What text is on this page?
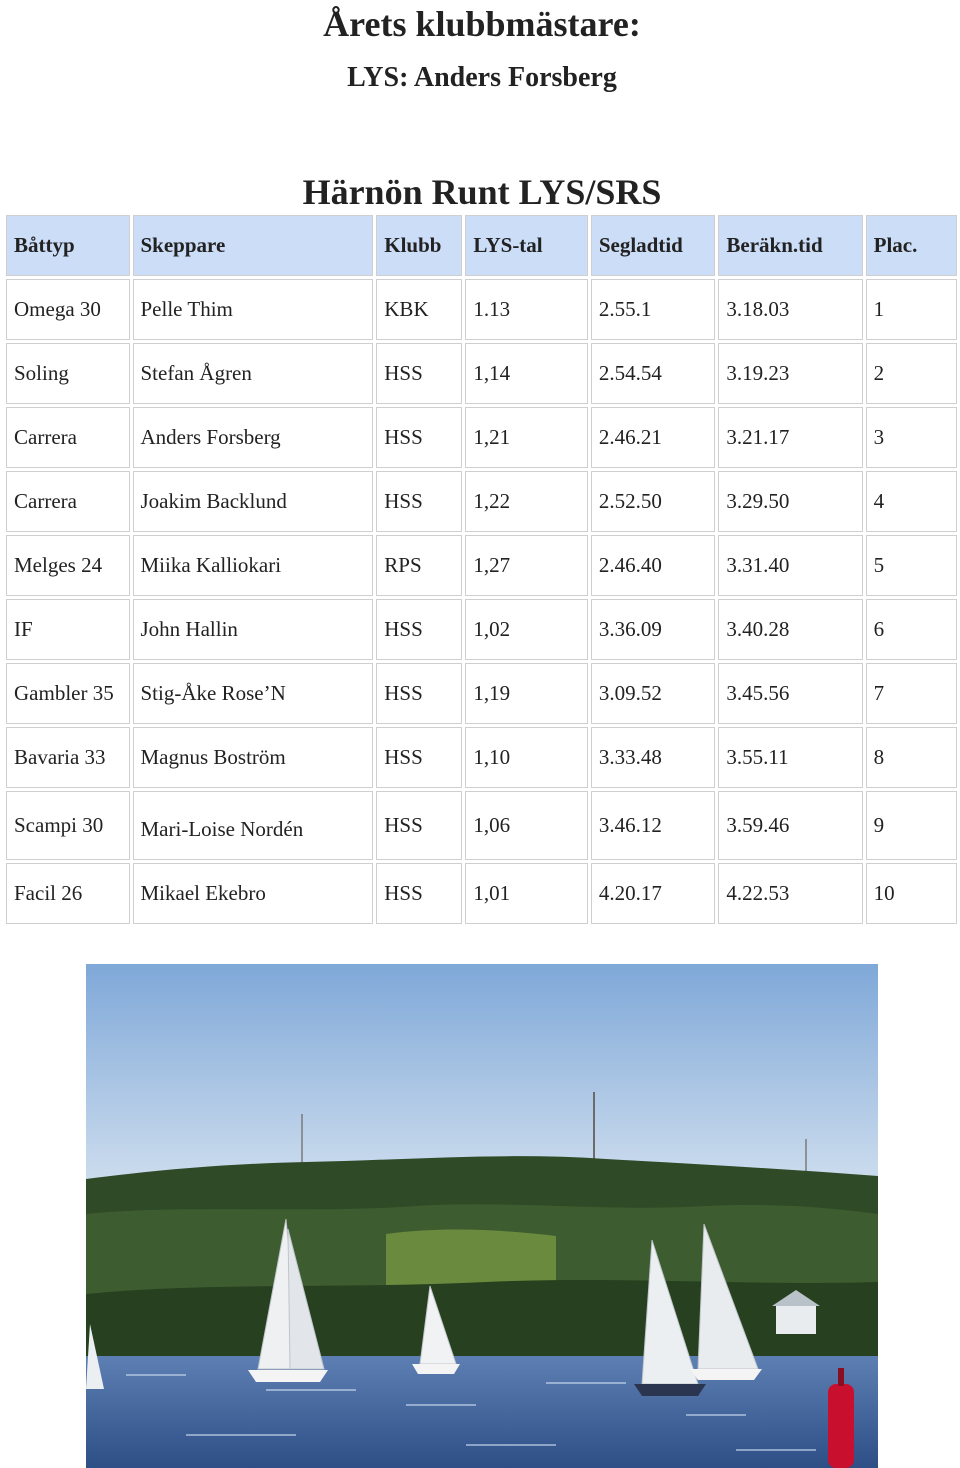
Årets klubbmästare:
LYS: Anders Forsberg
Härnön Runt LYS/SRS
Båttyp	Skeppare	Klubb	LYS-tal	Segladtid	Beräkn.tid	Plac.
Omega 30	Pelle Thim	KBK	1.13	2.55.1	3.18.03	1
Soling	Stefan Ågren	HSS	1,14	2.54.54	3.19.23	2
Carrera	Anders Forsberg	HSS	1,21	2.46.21	3.21.17	3
Carrera	Joakim Backlund	HSS	1,22	2.52.50	3.29.50	4
Melges 24	Miika Kalliokari	RPS	1,27	2.46.40	3.31.40	5
IF	John Hallin	HSS	1,02	3.36.09	3.40.28	6
Gambler 35	Stig-Åke Rose’N	HSS	1,19	3.09.52	3.45.56	7
Bavaria 33	Magnus Boström	HSS	1,10	3.33.48	3.55.11	8
Scampi 30	Mari-Loise Nordén	HSS	1,06	3.46.12	3.59.46	9
Facil 26	Mikael Ekebro	HSS	1,01	4.20.17	4.22.53	10
